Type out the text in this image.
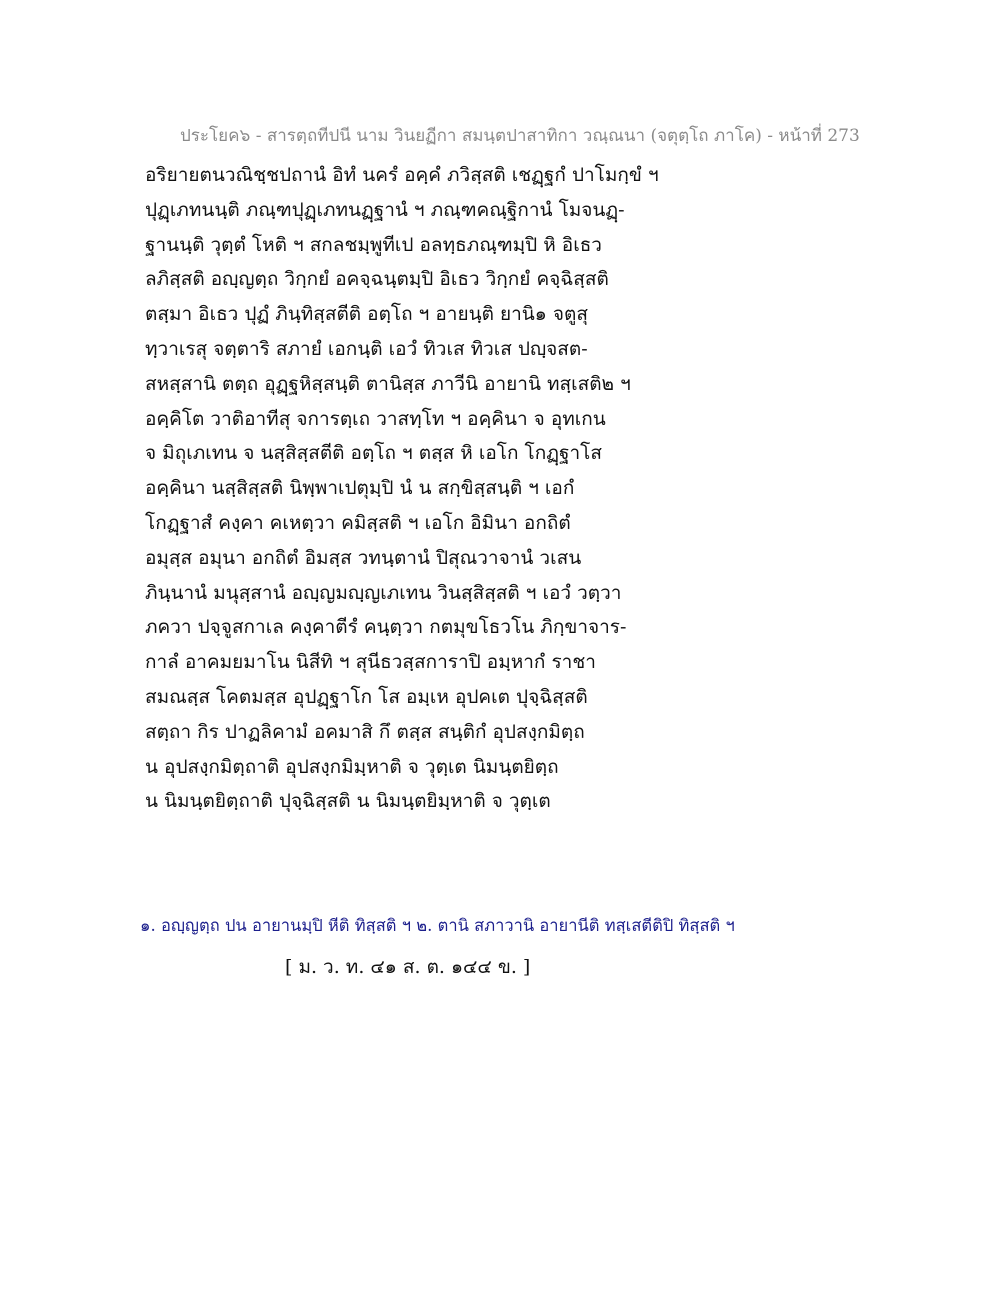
ประโยค๖ - สารตฺถทีปนี นาม วินยฏีกา สมนฺตปาสาทิกา วณฺณนา (จตุตฺโถ ภาโค) - หน้าที่ 273
อริยายตนวณิชฺชปถานํ อิทํ นครํ อคฺคํ ภวิสฺสติ เชฏฺฐกํ ปาโมกฺขํ ฯ
ปุฏฺเภทนนฺติ ภณฺฑปุฏฺเภทนฏฺฐานํ ฯ ภณฺฑคณฺฐิกานํ โมจนฏฺ-
ฐานนฺติ วุตฺตํ โหติ ฯ สกลชมฺพูทีเป อลทฺธภณฺฑมฺปิ หิ อิเธว
ลภิสฺสติ อญฺญตฺถ วิกฺกยํ อคจฺฉนฺตมฺปิ อิเธว วิกฺกยํ คจฺฉิสฺสติ
ตสฺมา อิเธว ปุฏํ ภินฺทิสฺสตีติ อตฺโถ ฯ อายนฺติ ยานิ๑ จตูสุ
ทฺวาเรสุ จตฺตาริ สภายํ เอกนฺติ เอวํ ทิวเส ทิวเส ปญฺจสต-
สหสฺสานิ ตตฺถ อุฏฺฐหิสฺสนฺติ ตานิสฺส ภาวีนิ อายานิ ทสฺเสติ๒ ฯ
อคฺคิโต วาติอาทีสุ จการตฺเถ วาสทฺโท ฯ อคฺคินา จ อุทเกน
จ มิถุเภเทน จ นสฺสิสฺสตีติ อตฺโถ ฯ ตสฺส หิ เอโก โกฏฺฐาโส
อคฺคินา นสฺสิสฺสติ นิพฺพาเปตุมฺปิ นํ น สกฺขิสฺสนฺติ ฯ เอกํ
โกฏฺฐาสํ คงฺคา คเหตฺวา คมิสฺสติ ฯ เอโก อิมินา อกถิตํ
อมุสฺส อมุนา อกถิตํ อิมสฺส วทนฺตานํ ปิสุณวาจานํ วเสน
ภินฺนานํ มนุสฺสานํ อญฺญมญฺญเภเทน วินสฺสิสฺสติ ฯ เอวํ วตฺวา
ภควา ปจฺจูสกาเล คงฺคาตีรํ คนฺตฺวา กตมุขโธวโน ภิกฺขาจาร-
กาลํ อาคมยมาโน นิสีทิ ฯ สุนีธวสฺสการาปิ อมฺหากํ ราชา
สมณสฺส โคตมสฺส อุปฏฺฐาโก โส อมฺเห อุปคเต ปุจฺฉิสฺสติ
สตฺถา กิร ปาฏลิคามํ อคมาสิ กึ ตสฺส สนฺติกํ อุปสงฺกมิตฺถ
น อุปสงฺกมิตฺถาติ อุปสงฺกมิมฺหาติ จ วุตฺเต นิมนฺตยิตฺถ
น นิมนฺตยิตฺถาติ ปุจฺฉิสฺสติ น นิมนฺตยิมฺหาติ จ วุตฺเต
๑. อญฺญตฺถ ปน อายานมฺปิ หีติ ทิสฺสติ ฯ ๒. ตานิ สภาวานิ อายานีติ ทสฺเสตีติปิ ทิสฺสติ ฯ
[ ม. ว. ท. ๔๑ ส. ต. ๑๔๔ ข. ]
